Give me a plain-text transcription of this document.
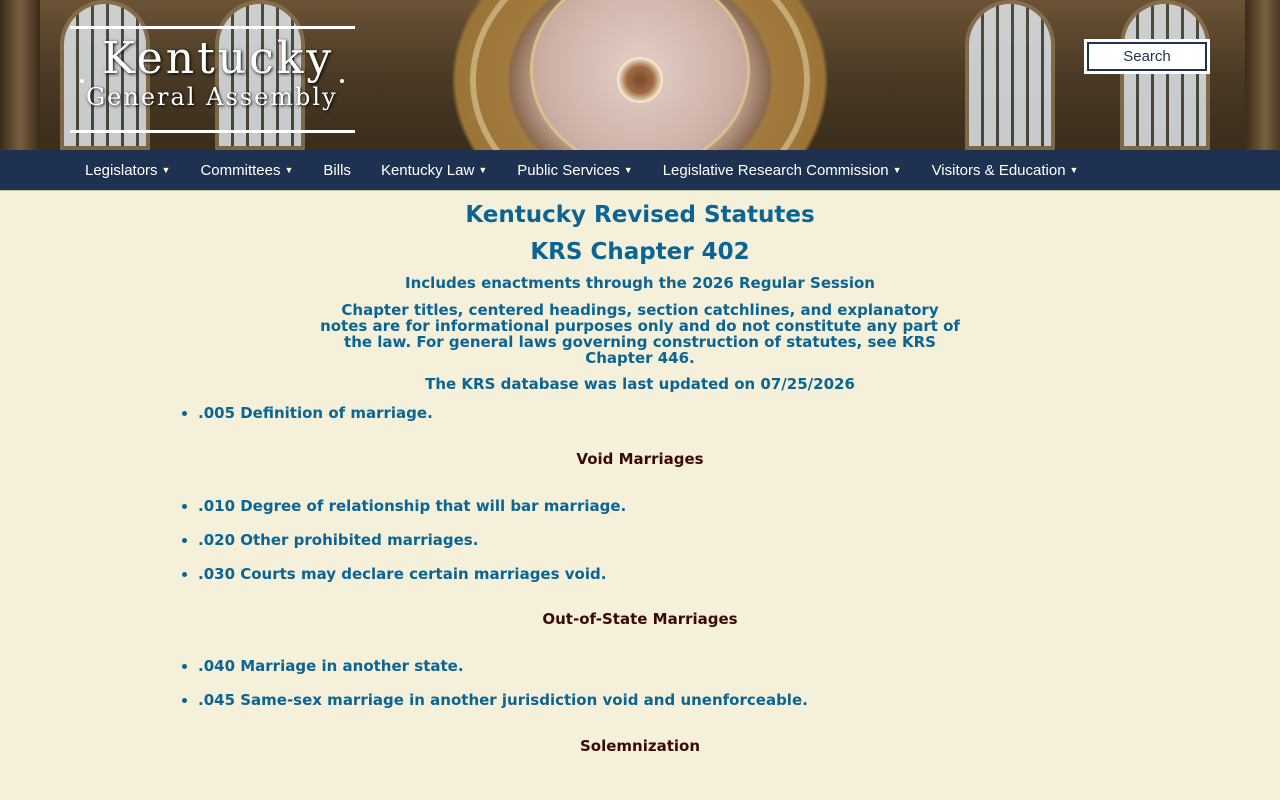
Kentucky
General Assembly
Search
Legislators ▼ Committees ▼ Bills Kentucky Law ▼ Public Services ▼ Legislative Research Commission ▼ Visitors & Education ▼
Kentucky Revised Statutes
KRS Chapter 402
Includes enactments through the 2026 Regular Session
Chapter titles, centered headings, section catchlines, and explanatory notes are for informational purposes only and do not constitute any part of the law. For general laws governing construction of statutes, see KRS Chapter 446.
The KRS database was last updated on 07/25/2026
• .005 Definition of marriage.
Void Marriages
• .010 Degree of relationship that will bar marriage.
• .020 Other prohibited marriages.
• .030 Courts may declare certain marriages void.
Out-of-State Marriages
• .040 Marriage in another state.
• .045 Same-sex marriage in another jurisdiction void and unenforceable.
Solemnization
